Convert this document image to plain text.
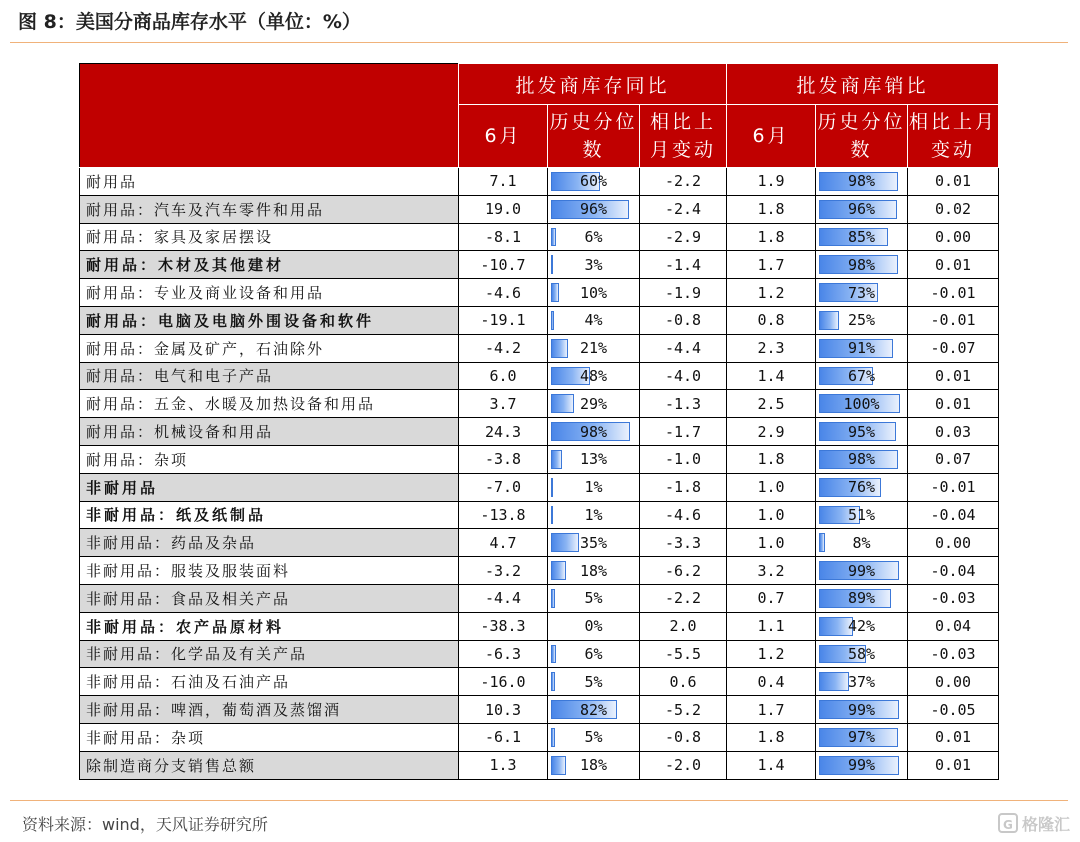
图 8：美国分商品库存水平（单位：%）
	批发商库存同比			批发商库销比		
	6月	历史分位数	相比上月变动	6月	历史分位数	相比上月变动
耐用品	7.1	60%	-2.2	1.9	98%	0.01
耐用品：汽车及汽车零件和用品	19.0	96%	-2.4	1.8	96%	0.02
耐用品：家具及家居摆设	-8.1	6%	-2.9	1.8	85%	0.00
耐用品：木材及其他建材	-10.7	3%	-1.4	1.7	98%	0.01
耐用品：专业及商业设备和用品	-4.6	10%	-1.9	1.2	73%	-0.01
耐用品：电脑及电脑外围设备和软件	-19.1	4%	-0.8	0.8	25%	-0.01
耐用品：金属及矿产，石油除外	-4.2	21%	-4.4	2.3	91%	-0.07
耐用品：电气和电子产品	6.0	48%	-4.0	1.4	67%	0.01
耐用品：五金、水暖及加热设备和用品	3.7	29%	-1.3	2.5	100%	0.01
耐用品：机械设备和用品	24.3	98%	-1.7	2.9	95%	0.03
耐用品：杂项	-3.8	13%	-1.0	1.8	98%	0.07
非耐用品	-7.0	1%	-1.8	1.0	76%	-0.01
非耐用品：纸及纸制品	-13.8	1%	-4.6	1.0	51%	-0.04
非耐用品：药品及杂品	4.7	35%	-3.3	1.0	8%	0.00
非耐用品：服装及服装面料	-3.2	18%	-6.2	3.2	99%	-0.04
非耐用品：食品及相关产品	-4.4	5%	-2.2	0.7	89%	-0.03
非耐用品：农产品原材料	-38.3	0%	2.0	1.1	42%	0.04
非耐用品：化学品及有关产品	-6.3	6%	-5.5	1.2	58%	-0.03
非耐用品：石油及石油产品	-16.0	5%	0.6	0.4	37%	0.00
非耐用品：啤酒，葡萄酒及蒸馏酒	10.3	82%	-5.2	1.7	99%	-0.05
非耐用品：杂项	-6.1	5%	-0.8	1.8	97%	0.01
除制造商分支销售总额	1.3	18%	-2.0	1.4	99%	0.01
资料来源：wind，天风证券研究所	G 格隆汇
